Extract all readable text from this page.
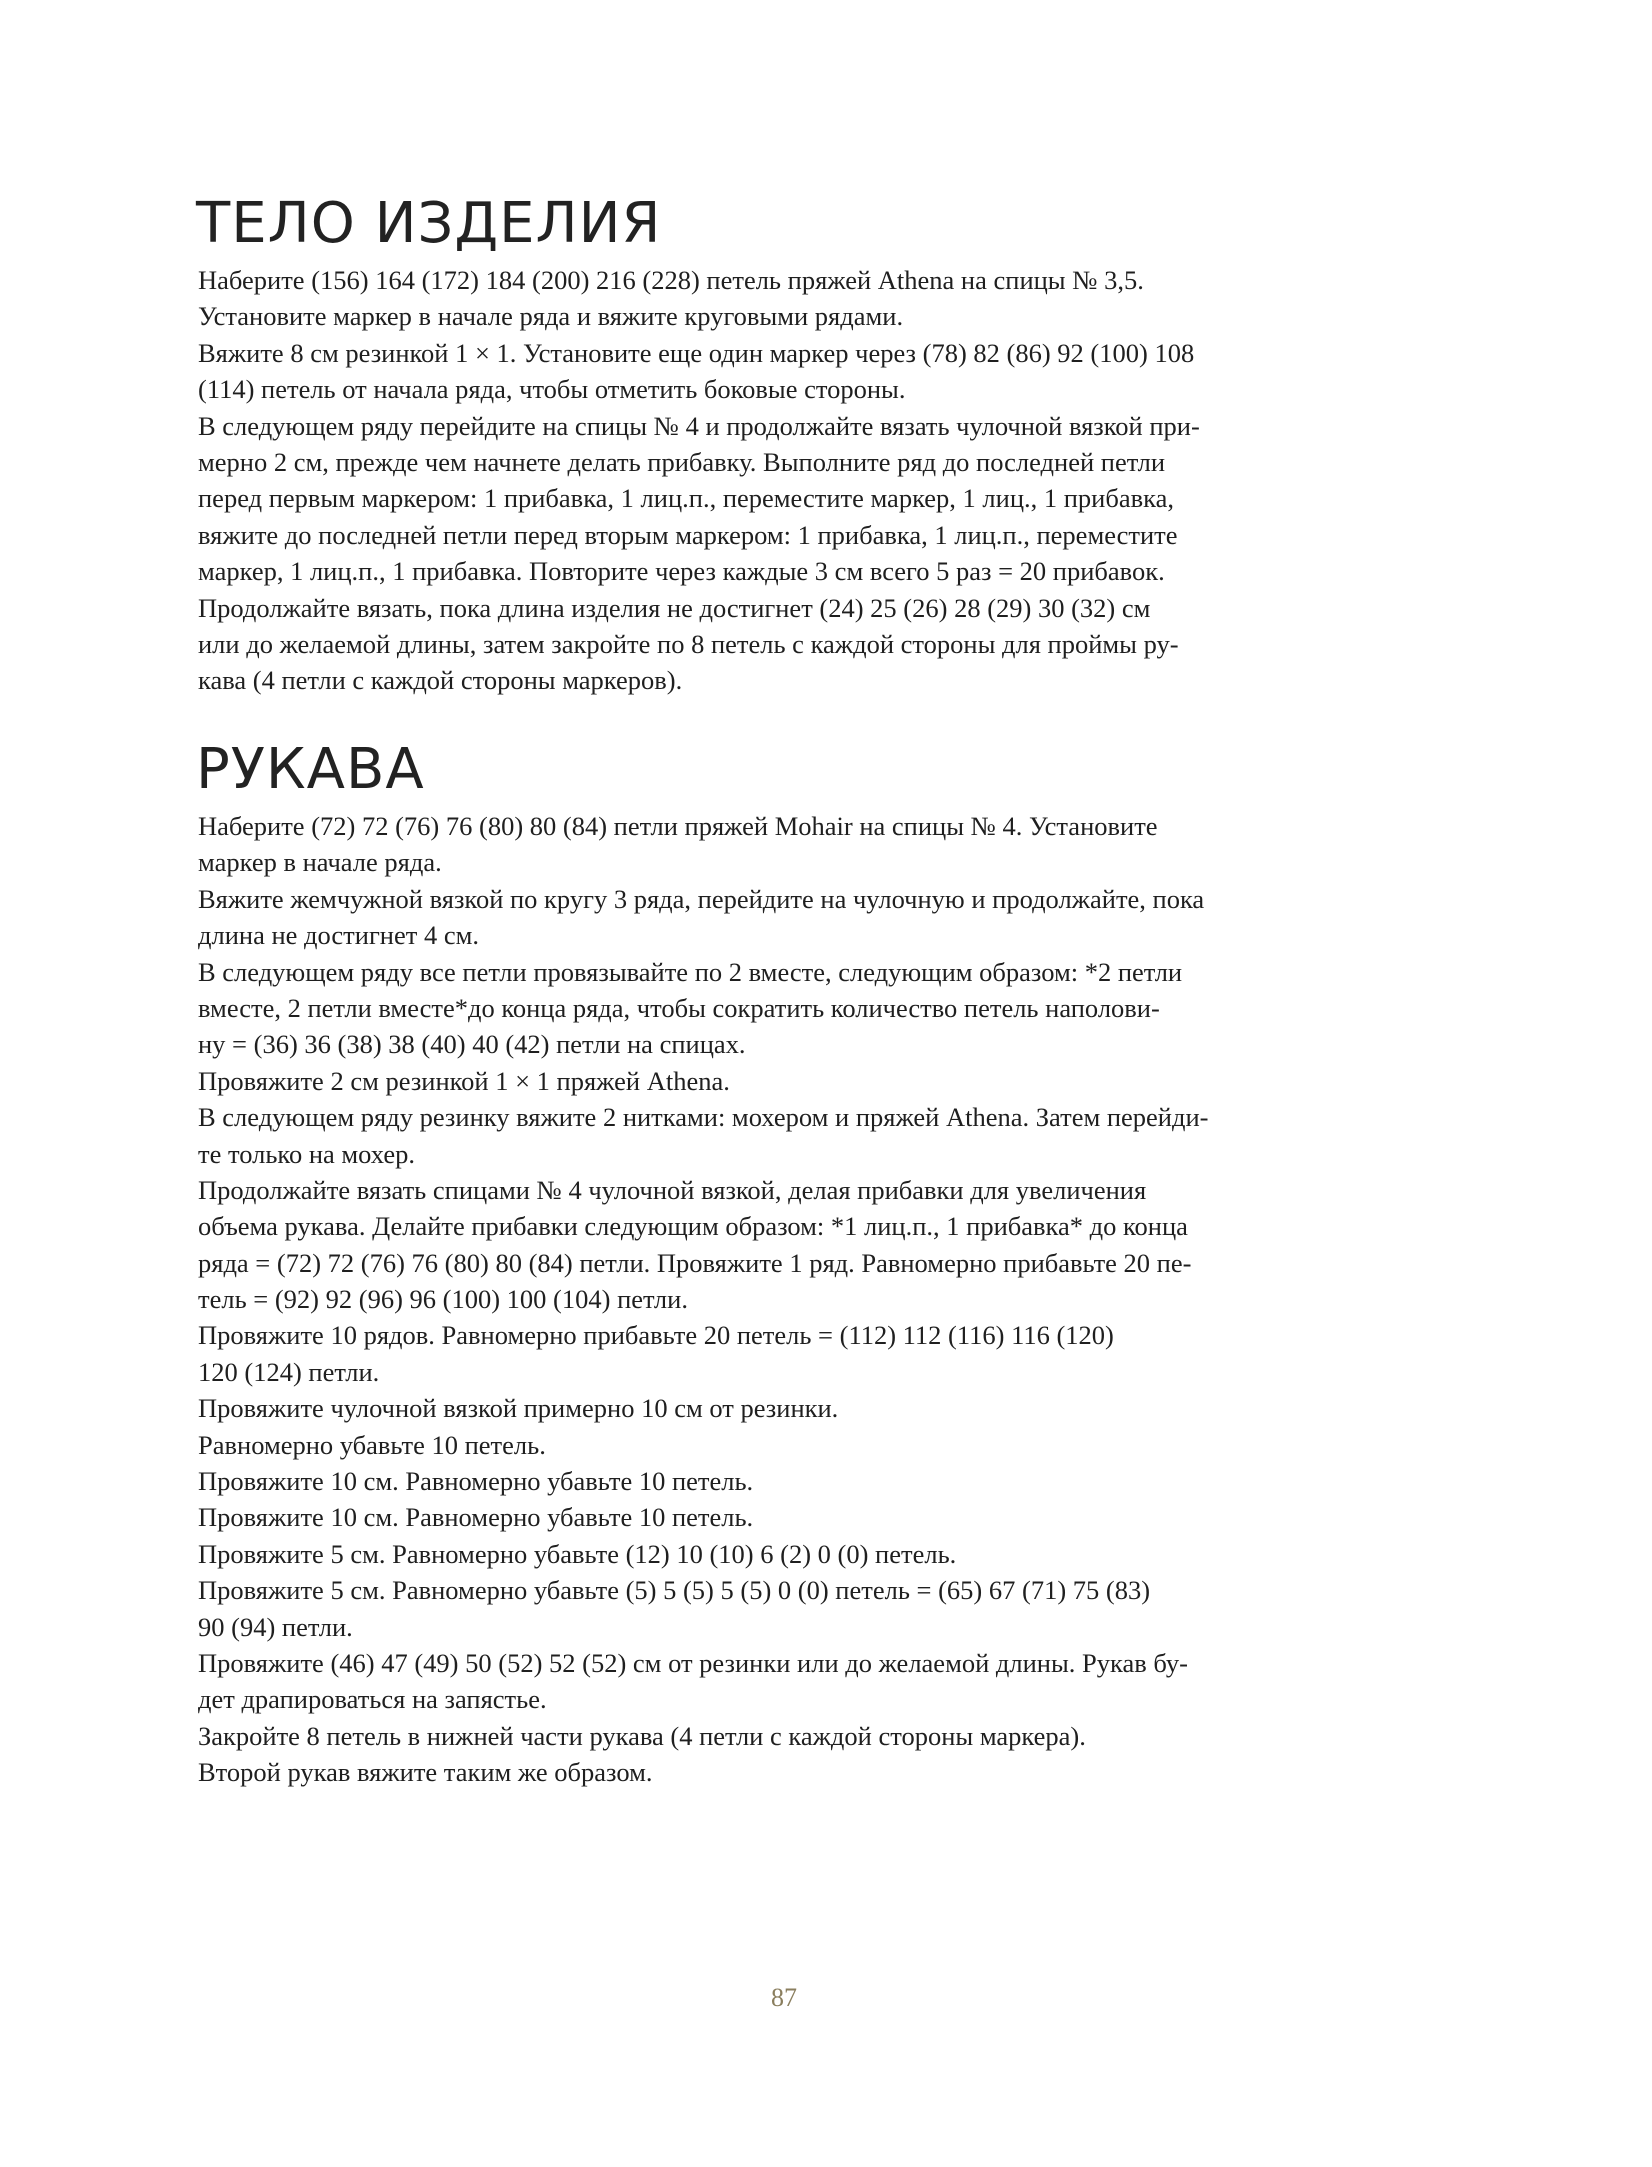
ТЕЛО ИЗДЕЛИЯ
Наберите (156) 164 (172) 184 (200) 216 (228) петель пряжей Athena на спицы № 3,5.
Установите маркер в начале ряда и вяжите круговыми рядами.
Вяжите 8 см резинкой 1 × 1. Установите еще один маркер через (78) 82 (86) 92 (100) 108
(114) петель от начала ряда, чтобы отметить боковые стороны.
В следующем ряду перейдите на спицы № 4 и продолжайте вязать чулочной вязкой при-
мерно 2 см, прежде чем начнете делать прибавку. Выполните ряд до последней петли
перед первым маркером: 1 прибавка, 1 лиц.п., переместите маркер, 1 лиц., 1 прибавка,
вяжите до последней петли перед вторым маркером: 1 прибавка, 1 лиц.п., переместите
маркер, 1 лиц.п., 1 прибавка. Повторите через каждые 3 см всего 5 раз = 20 прибавок.
Продолжайте вязать, пока длина изделия не достигнет (24) 25 (26) 28 (29) 30 (32) см
или до желаемой длины, затем закройте по 8 петель с каждой стороны для проймы ру-
кава (4 петли с каждой стороны маркеров).
РУКАВА
Наберите (72) 72 (76) 76 (80) 80 (84) петли пряжей Mohair на спицы № 4. Установите
маркер в начале ряда.
Вяжите жемчужной вязкой по кругу 3 ряда, перейдите на чулочную и продолжайте, пока
длина не достигнет 4 см.
В следующем ряду все петли провязывайте по 2 вместе, следующим образом: *2 петли
вместе, 2 петли вместе*до конца ряда, чтобы сократить количество петель наполови-
ну = (36) 36 (38) 38 (40) 40 (42) петли на спицах.
Провяжите 2 см резинкой 1 × 1 пряжей Athena.
В следующем ряду резинку вяжите 2 нитками: мохером и пряжей Athena. Затем перейди-
те только на мохер.
Продолжайте вязать спицами № 4 чулочной вязкой, делая прибавки для увеличения
объема рукава. Делайте прибавки следующим образом: *1 лиц.п., 1 прибавка* до конца
ряда = (72) 72 (76) 76 (80) 80 (84) петли. Провяжите 1 ряд. Равномерно прибавьте 20 пе-
тель = (92) 92 (96) 96 (100) 100 (104) петли.
Провяжите 10 рядов. Равномерно прибавьте 20 петель = (112) 112 (116) 116 (120)
120 (124) петли.
Провяжите чулочной вязкой примерно 10 см от резинки.
Равномерно убавьте 10 петель.
Провяжите 10 см. Равномерно убавьте 10 петель.
Провяжите 10 см. Равномерно убавьте 10 петель.
Провяжите 5 см. Равномерно убавьте (12) 10 (10) 6 (2) 0 (0) петель.
Провяжите 5 см. Равномерно убавьте (5) 5 (5) 5 (5) 0 (0) петель = (65) 67 (71) 75 (83)
90 (94) петли.
Провяжите (46) 47 (49) 50 (52) 52 (52) см от резинки или до желаемой длины. Рукав бу-
дет драпироваться на запястье.
Закройте 8 петель в нижней части рукава (4 петли с каждой стороны маркера).
Второй рукав вяжите таким же образом.
87
